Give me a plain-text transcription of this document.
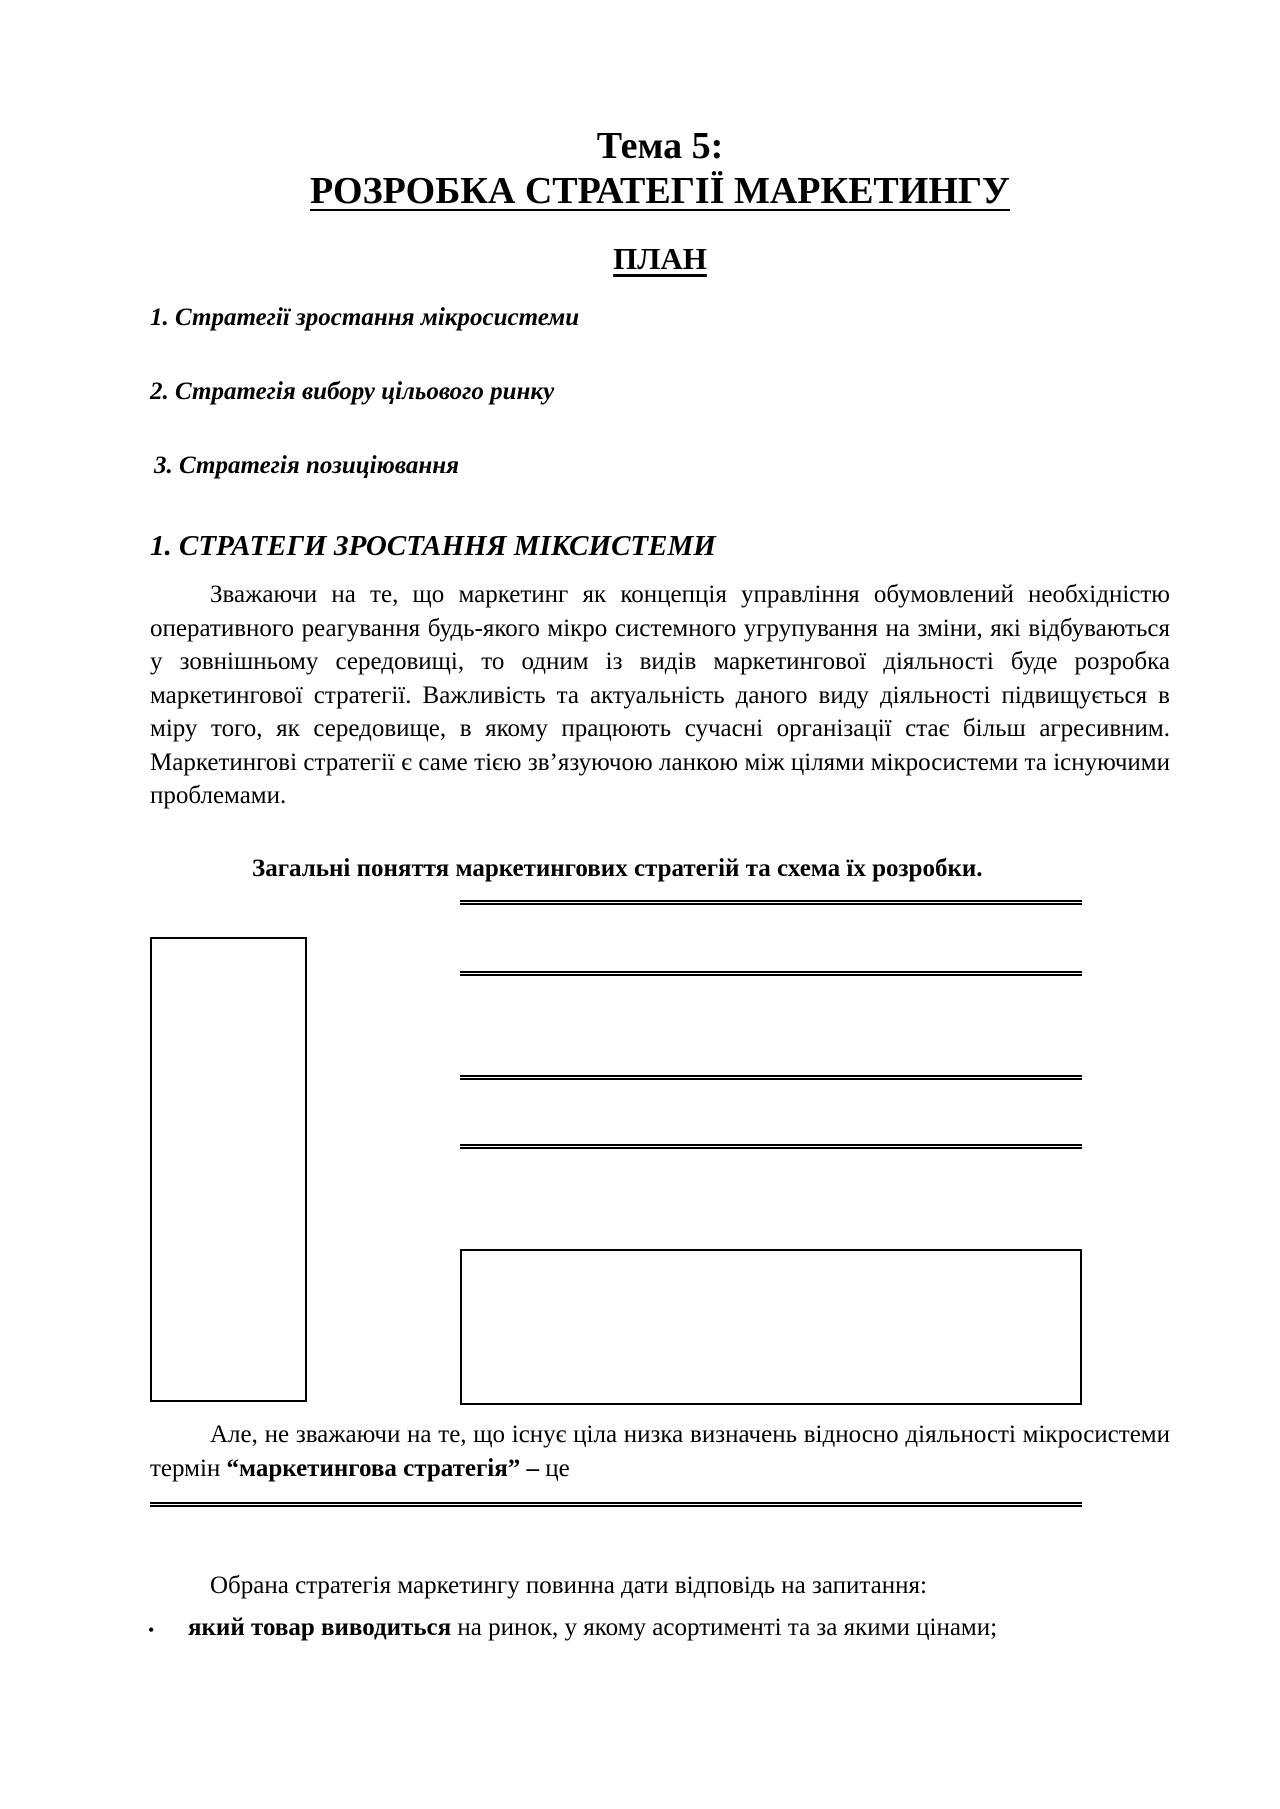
Тема 5:
РОЗРОБКА СТРАТЕГІЇ МАРКЕТИНГУ
ПЛАН
1. Стратегії зростання мікросистеми
2. Стратегія вибору цільового ринку
3. Стратегія позиціювання
1. СТРАТЕГИ ЗРОСТАННЯ МІКСИСТЕМИ

Зважаючи на те, що маркетинг як концепція управління обумовлений необхідністю оперативного реагування будь-якого мікро системного угрупування на зміни, які відбуваються у зовнішньому середовищі, то одним із видів маркетингової діяльності буде розробка маркетингової стратегії. Важливість та актуальність даного виду діяльності підвищується в міру того, як середовище, в якому працюють сучасні організації стає більш агресивним. Маркетингові стратегії є саме тією зв’язуючою ланкою між цілями мікросистеми та існуючими проблемами.

Загальні поняття маркетингових стратегій та схема їх розробки.

Але, не зважаючи на те, що існує ціла низка визначень відносно діяльності мікросистеми термін “маркетингова стратегія” – це

Обрана стратегія маркетингу повинна дати відповідь на запитання:
• який товар виводиться на ринок, у якому асортименті та за якими цінами;
